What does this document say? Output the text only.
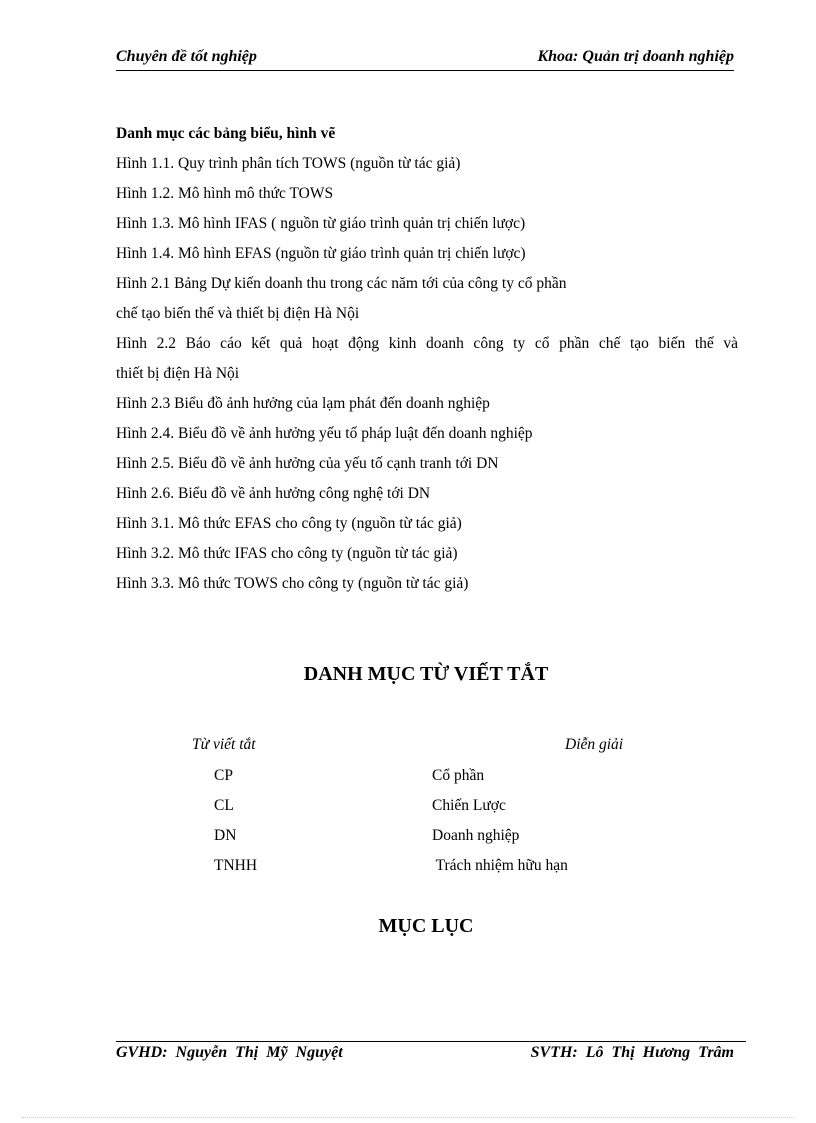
Chuyên đề tốt nghiệp	Khoa: Quản trị doanh nghiệp
Danh mục các bảng biểu, hình vẽ
Hình 1.1. Quy trình phân tích TOWS (nguồn từ tác giả)
Hình 1.2. Mô hình mô thức TOWS
Hình 1.3. Mô hình IFAS ( nguồn từ giáo trình quản trị chiến lược)
Hình 1.4. Mô hình EFAS (nguồn từ giáo trình quản trị chiến lược)
Hình 2.1 Bảng Dự kiến doanh thu trong các năm tới của công ty cổ phần
chế tạo biến thế và thiết bị điện Hà Nội
Hình 2.2 Báo cáo kết quả hoạt động kinh doanh công ty cổ phần chế tạo biến thế và
thiết bị điện Hà Nội
Hình 2.3 Biểu đồ ảnh hưởng của lạm phát đến doanh nghiệp
Hình 2.4. Biểu đồ về ảnh hưởng yếu tố pháp luật đến doanh nghiệp
Hình 2.5. Biểu đồ về ảnh hưởng của yếu tố cạnh tranh tới DN
Hình 2.6. Biểu đồ về ảnh hưởng công nghệ tới DN
Hình 3.1. Mô thức EFAS cho công ty (nguồn từ tác giả)
Hình 3.2. Mô thức IFAS cho công ty (nguồn từ tác giả)
Hình 3.3. Mô thức TOWS cho công ty (nguồn từ tác giả)
DANH MỤC TỪ VIẾT TẮT
Từ viết tắt	Diễn giải
CP	Cổ phần
CL	Chiến Lược
DN	Doanh nghiệp
TNHH	Trách nhiệm hữu hạn
MỤC LỤC
GVHD:  Nguyễn  Thị  Mỹ  Nguyệt	SVTH:  Lô  Thị  Hương  Trâm
